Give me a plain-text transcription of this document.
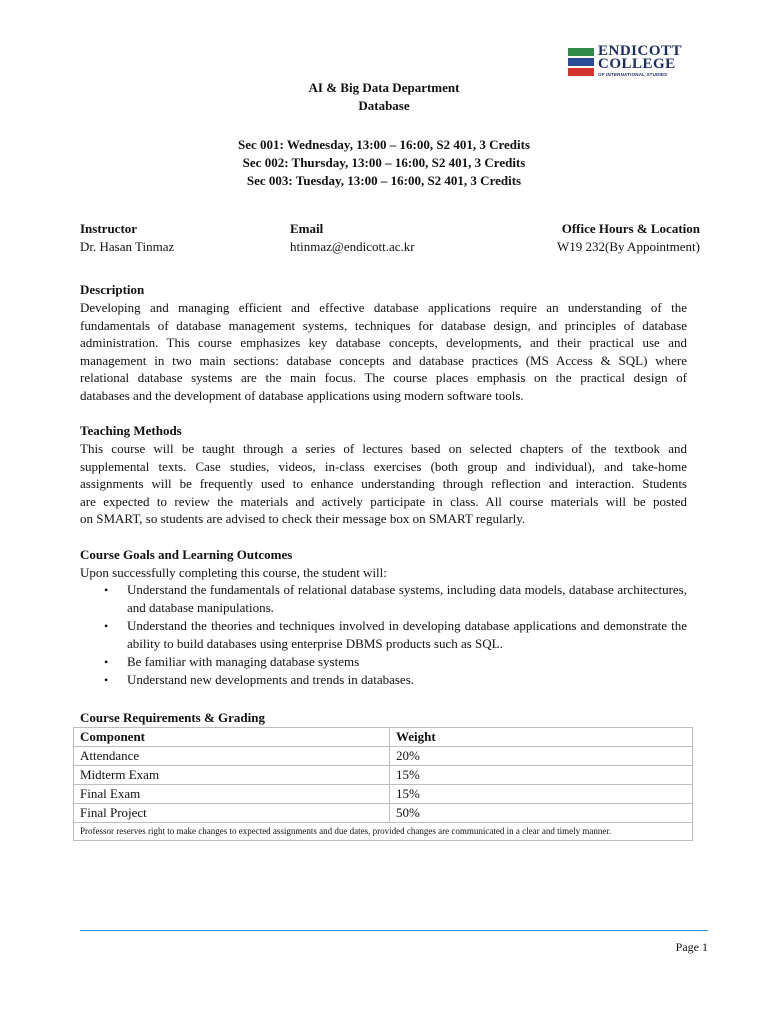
ENDICOTT
COLLEGE
OF INTERNATIONAL STUDIES
AI & Big Data Department
Database
Sec 001: Wednesday, 13:00 – 16:00, S2 401, 3 Credits
Sec 002: Thursday, 13:00 – 16:00, S2 401, 3 Credits
Sec 003: Tuesday, 13:00 – 16:00, S2 401, 3 Credits
Instructor	Email	Office Hours & Location
Dr. Hasan Tinmaz	htinmaz@endicott.ac.kr	W19 232(By Appointment)
Description
Developing and managing efficient and effective database applications require an understanding of the
fundamentals of database management systems, techniques for database design, and principles of database
administration. This course emphasizes key database concepts, developments, and their practical use and
management in two main sections: database concepts and database practices (MS Access & SQL) where
relational database systems are the main focus. The course places emphasis on the practical design of
databases and the development of database applications using modern software tools.
Teaching Methods
This course will be taught through a series of lectures based on selected chapters of the textbook and
supplemental texts. Case studies, videos, in-class exercises (both group and individual), and take-home
assignments will be frequently used to enhance understanding through reflection and interaction. Students
are expected to review the materials and actively participate in class. All course materials will be posted
on SMART, so students are advised to check their message box on SMART regularly.
Course Goals and Learning Outcomes
Upon successfully completing this course, the student will:
• Understand the fundamentals of relational database systems, including data models, database architectures, and database manipulations.
• Understand the theories and techniques involved in developing database applications and demonstrate the ability to build databases using enterprise DBMS products such as SQL.
• Be familiar with managing database systems
• Understand new developments and trends in databases.
Course Requirements & Grading
Component	Weight
Attendance	20%
Midterm Exam	15%
Final Exam	15%
Final Project	50%
Professor reserves right to make changes to expected assignments and due dates, provided changes are communicated in a clear and timely manner.	
Page 1
